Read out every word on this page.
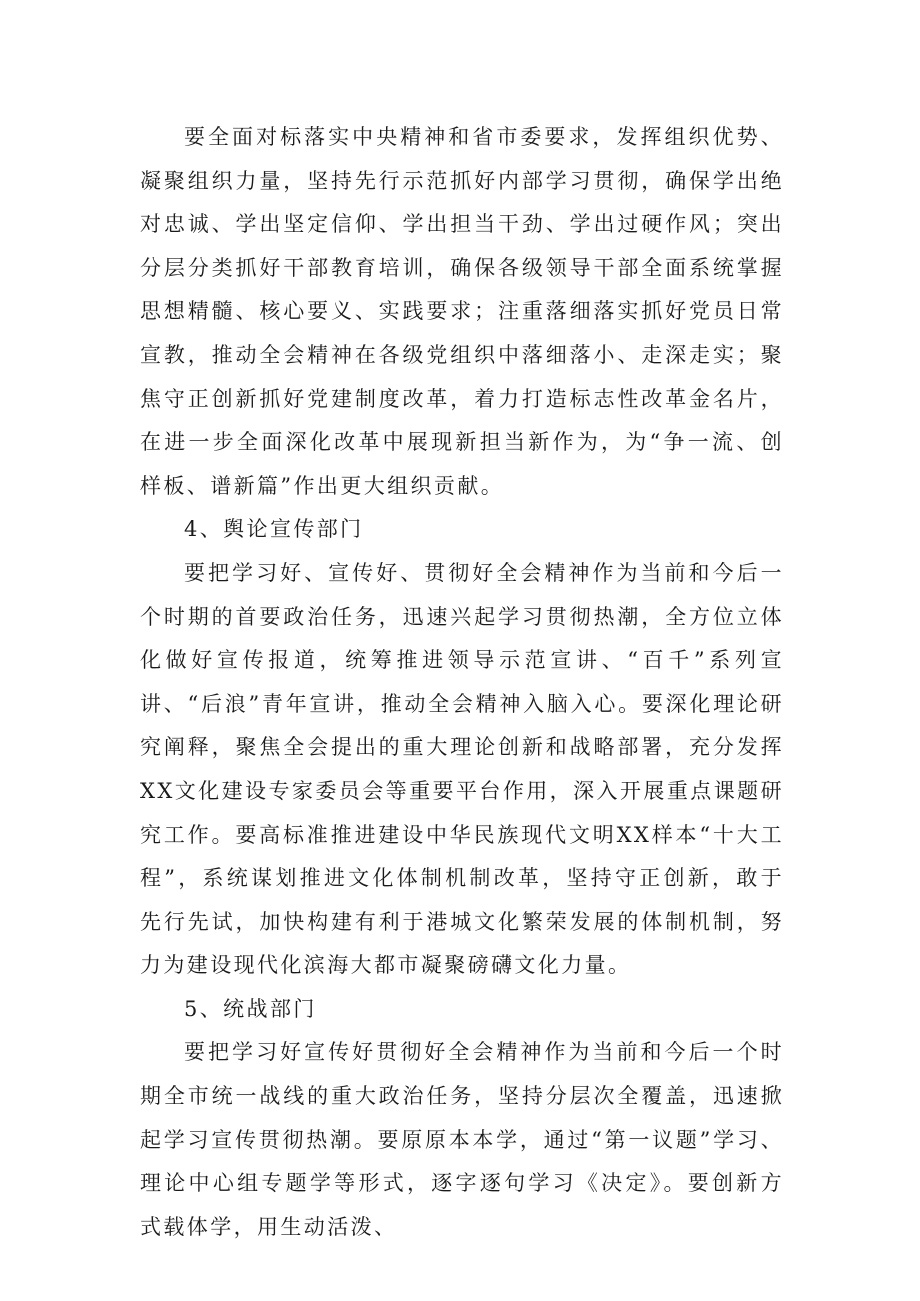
要全面对标落实中央精神和省市委要求，发挥组织优势、凝聚组织力量，坚持先行示范抓好内部学习贯彻，确保学出绝对忠诚、学出坚定信仰、学出担当干劲、学出过硬作风；突出分层分类抓好干部教育培训，确保各级领导干部全面系统掌握思想精髓、核心要义、实践要求；注重落细落实抓好党员日常宣教，推动全会精神在各级党组织中落细落小、走深走实；聚焦守正创新抓好党建制度改革，着力打造标志性改革金名片，在进一步全面深化改革中展现新担当新作为，为“争一流、创样板、谱新篇”作出更大组织贡献。

4、舆论宣传部门

要把学习好、宣传好、贯彻好全会精神作为当前和今后一个时期的首要政治任务，迅速兴起学习贯彻热潮，全方位立体化做好宣传报道，统筹推进领导示范宣讲、“百千”系列宣讲、“后浪”青年宣讲，推动全会精神入脑入心。要深化理论研究阐释，聚焦全会提出的重大理论创新和战略部署，充分发挥XX文化建设专家委员会等重要平台作用，深入开展重点课题研究工作。要高标准推进建设中华民族现代文明XX样本“十大工程”，系统谋划推进文化体制机制改革，坚持守正创新，敢于先行先试，加快构建有利于港城文化繁荣发展的体制机制，努力为建设现代化滨海大都市凝聚磅礴文化力量。

5、统战部门

要把学习好宣传好贯彻好全会精神作为当前和今后一个时期全市统一战线的重大政治任务，坚持分层次全覆盖，迅速掀起学习宣传贯彻热潮。要原原本本学，通过“第一议题”学习、理论中心组专题学等形式，逐字逐句学习《决定》。要创新方式载体学，用生动活泼、
